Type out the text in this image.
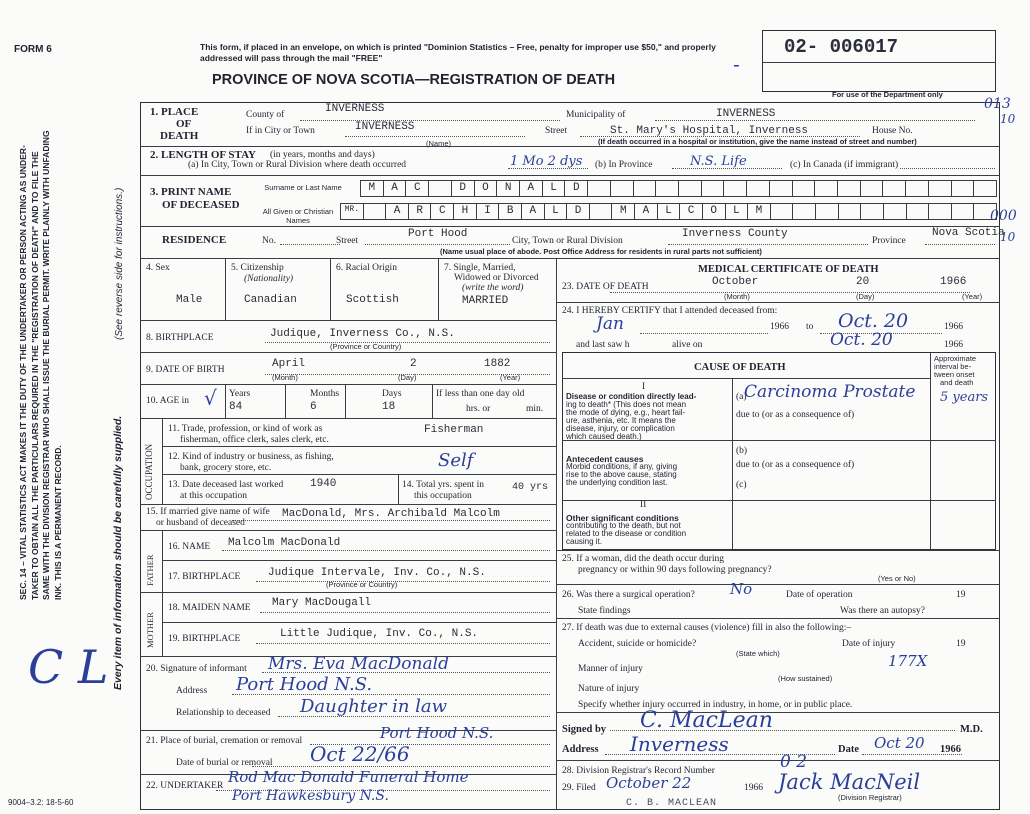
FORM 6	This form, if placed in an envelope, on which is printed "Dominion Statistics – Free, penalty for improper use $50," and properly addressed will pass through the mail "FREE"
PROVINCE OF NOVA SCOTIA—REGISTRATION OF DEATH
-
02- 006017
For use of the Department only
013
10
000
10
SEC. 14 – VITAL STATISTICS ACT MAKES IT THE DUTY OF THE UNDERTAKER OR PERSON ACTING AS UNDER-TAKER TO OBTAIN ALL THE PARTICULARS REQUIRED IN THE "REGISTRATION OF DEATH" AND TO FILE THE SAME WITH THE DIVISION REGISTRAR WHO SHALL ISSUE THE BURIAL PERMIT. WRITE PLAINLY WITH UNFADING INK. THIS IS A PERMANENT RECORD.
(See reverse side for instructions.)
Every item of information should be carefully supplied.
C L
1. PLACE
OF
DEATH
County of	INVERNESS	Municipality of	INVERNESS
If in City or Town	INVERNESS
(Name)
Street	St. Mary's Hospital, Inverness	House No.
(If death occurred in a hospital or institution, give the name instead of street and number)
2. LENGTH OF STAY (in years, months and days)
(a) In City, Town or Rural Division where death occurred	1 Mo 2 dys (b) In Province	N.S. Life	(c) In Canada (if immigrant)
3. PRINT NAME
OF DECEASED
Surname or Last Name
All Given or Christian Names
M	A	C	D	O	N	A	L	D
MR.	A	R	C	H	I	B	A	L	D	M	A	L	C	O	L	M
RESIDENCE	No.	Street
Port Hood
City, Town or Rural Division
Inverness County
Province
Nova Scotia
(Name usual place of abode. Post Office Address for residents in rural parts not sufficient)
4. Sex
Male
5. Citizenship
(Nationality)
Canadian
6. Racial Origin
Scottish
7. Single, Married,
Widowed or Divorced
(write the word)
MARRIED
8. BIRTHPLACE	Judique, Inverness Co., N.S.
(Province or Country)
9. DATE OF BIRTH	April	2	1882
(Month)	(Day)	(Year)
10. AGE in √ Years
84
Months
6
Days
18
If less than one day old
hrs. or	min.
OCCUPATION
11. Trade, profession, or kind of work as
fisherman, office clerk, sales clerk, etc.
Fisherman
12. Kind of industry or business, as fishing,
bank, grocery store, etc.	Self
13. Date deceased last worked
at this occupation
1940	14. Total yrs. spent in
this occupation
40 yrs
15. If married give name of wife
or husband of deceased
MacDonald, Mrs. Archibald Malcolm
FATHER
MOTHER
16. NAME Malcolm MacDonald
17. BIRTHPLACE	Judique Intervale, Inv. Co., N.S.
(Province or Country)
18. MAIDEN NAME Mary MacDougall
19. BIRTHPLACE	Little Judique, Inv. Co., N.S.
20. Signature of informant Mrs. Eva MacDonald
Address Port Hood N.S.
Relationship to deceased Daughter in law
21. Place of burial, cremation or removal	Port Hood N.S.
Date of burial or removal Oct 22/66
22. UNDERTAKER Rod Mac Donald Funeral Home
Port Hawkesbury N.S.
MEDICAL CERTIFICATE OF DEATH
23. DATE OF DEATH	October	20	1966
(Month)	(Day)	(Year)
24. I HEREBY CERTIFY that I attended deceased from:
Jan	1966 to Oct. 20	1966
and last saw h	alive on	Oct. 20	1966
CAUSE OF DEATH
Approximate
interval be-
tween onset
and death
I
Disease or condition directly lead-
ing to death* (This does not mean
the mode of dying, e.g., heart fail-
ure, asthenia, etc. It means the
disease, injury, or complication
which caused death.)
(a)
Carcinoma Prostate 5 years
due to (or as a consequence of)
Antecedent causes
Morbid conditions, if any, giving
rise to the above cause, stating
the underlying condition last.
(b)
due to (or as a consequence of)
(c)
II
Other significant conditions
contributing to the death, but not
related to the disease or condition
causing it.
25. If a woman, did the death occur during
pregnancy or within 90 days following pregnancy?
(Yes or No)
26. Was there a surgical operation? No	Date of operation	19
State findings	Was there an autopsy?
27. If death was due to external causes (violence) fill in also the following:–
Accident, suicide or homicide?	Date of injury	19
(State which)
Manner of injury	177X
(How sustained)
Nature of injury
Specify whether injury occurred in industry, in home, or in public place.
Signed by C. MacLean	M.D.
Address Inverness	Date Oct 20 1966
28. Division Registrar's Record Number	0 2
29. Filed October 22	1966 Jack MacNeil
(Division Registrar)
C. B. MACLEAN
9004–3.2: 18-5-60
